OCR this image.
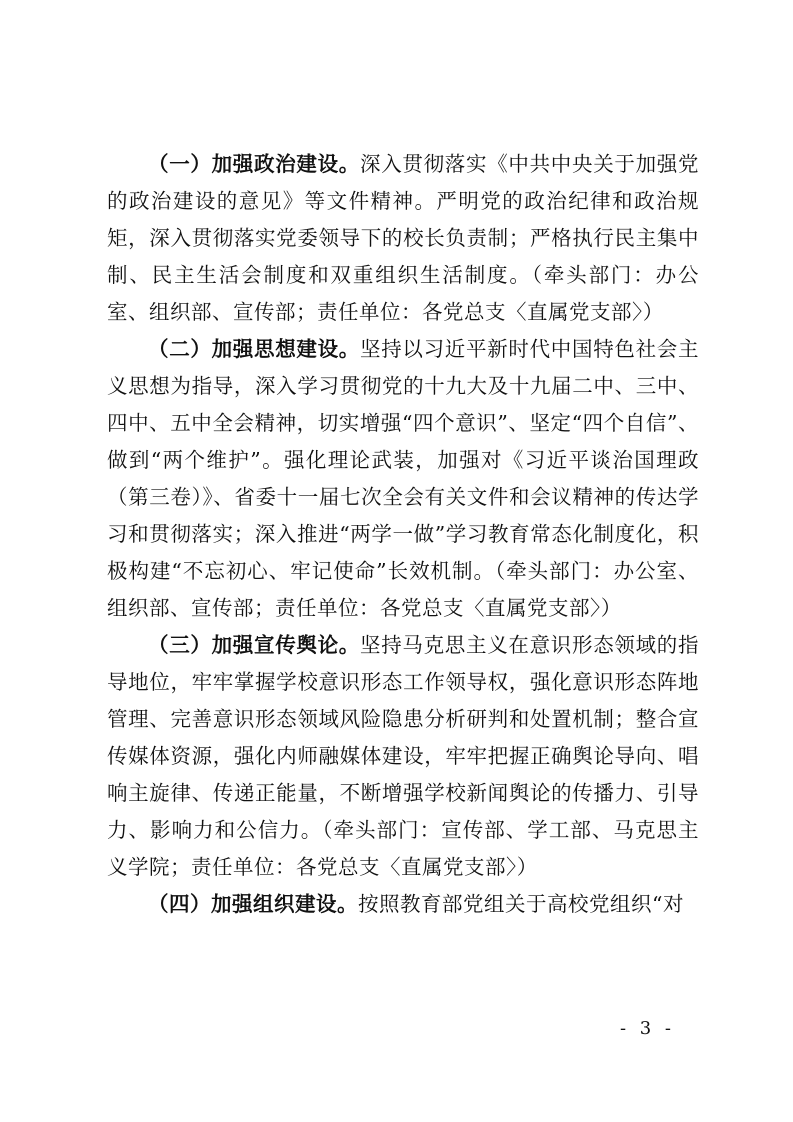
（一）加强政治建设。深入贯彻落实《中共中央关于加强党的政治建设的意见》等文件精神。严明党的政治纪律和政治规矩，深入贯彻落实党委领导下的校长负责制；严格执行民主集中制、民主生活会制度和双重组织生活制度。（牵头部门：办公室、组织部、宣传部；责任单位：各党总支〈直属党支部〉）

（二）加强思想建设。坚持以习近平新时代中国特色社会主义思想为指导，深入学习贯彻党的十九大及十九届二中、三中、四中、五中全会精神，切实增强“四个意识”、坚定“四个自信”、做到“两个维护”。强化理论武装，加强对《习近平谈治国理政（第三卷）》、省委十一届七次全会有关文件和会议精神的传达学习和贯彻落实；深入推进“两学一做”学习教育常态化制度化，积极构建“不忘初心、牢记使命”长效机制。（牵头部门：办公室、组织部、宣传部；责任单位：各党总支〈直属党支部〉）

（三）加强宣传舆论。坚持马克思主义在意识形态领域的指导地位，牢牢掌握学校意识形态工作领导权，强化意识形态阵地管理、完善意识形态领域风险隐患分析研判和处置机制；整合宣传媒体资源，强化内师融媒体建设，牢牢把握正确舆论导向、唱响主旋律、传递正能量，不断增强学校新闻舆论的传播力、引导力、影响力和公信力。（牵头部门：宣传部、学工部、马克思主义学院；责任单位：各党总支〈直属党支部〉）

（四）加强组织建设。按照教育部党组关于高校党组织“对

- 3 -
